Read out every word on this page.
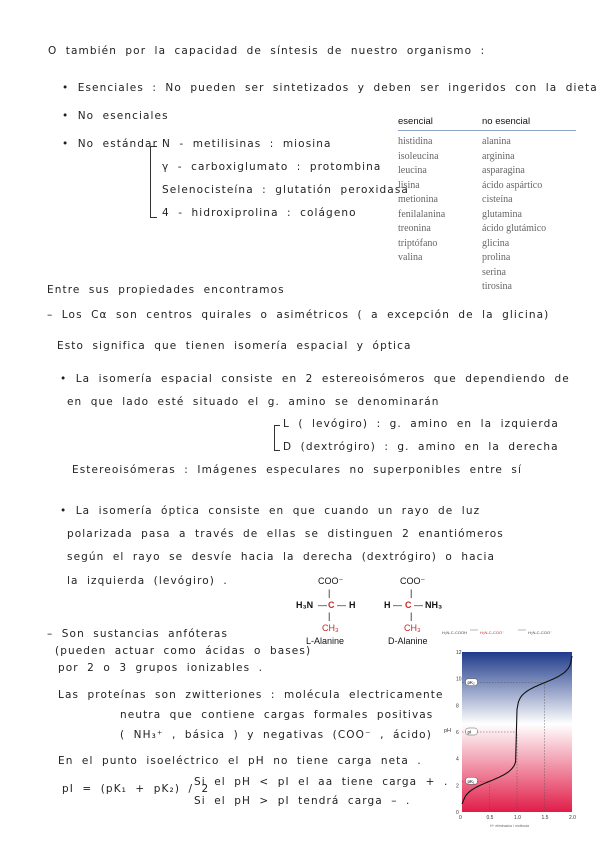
O también por la capacidad de síntesis de nuestro organismo :
• Esenciales : No pueden ser sintetizados y deben ser ingeridos con la dieta
• No esenciales
• No estándar N - metilisinas : miosina
γ - carboxiglumato : protombina
Selenocisteína : glutatión peroxidasa
4 - hidroxiprolina : colágeno
esencial	no esencial

histidina	alanina
isoleucina	arginina
leucina	asparagina
lisina	ácido aspártico
metionina	cisteína
fenilalanina	glutamina
treonina	ácido glutámico
triptófano	glicina
valina	prolina
	serina
	tirosina
Entre sus propiedades encontramos
– Los Cα son centros quirales o asimétricos ( a excepción de la glicina)
Esto significa que tienen isomería espacial y óptica
• La isomería espacial consiste en 2 estereoisómeros que dependiendo de
en que lado esté situado el g. amino se denominarán
L ( levógiro) : g. amino en la izquierda
D (dextrógiro) : g. amino en la derecha
Estereoisómeras : Imágenes especulares no superponibles entre sí
• La isomería óptica consiste en que cuando un rayo de luz
polarizada pasa a través de ellas se distinguen 2 enantiómeros
según el rayo se desvíe hacia la derecha (dextrógiro) o hacia
la izquierda (levógiro) .	COO⁻
|
H₃N — C — H
|
CH₃
L-Alanine
COO⁻
|
H — C — NH₃
|
CH₃
D-Alanine
– Son sustancias anfóteras
(pueden actuar como ácidas o bases)
por 2 o 3 grupos ionizables .
Las proteínas son zwitteriones : molécula electricamente
neutra que contiene cargas formales positivas
( NH₃⁺ , básica ) y negativas (COO⁻ , ácido)
En el punto isoeléctrico el pH no tiene carga neta .
pI = (pK₁ + pK₂) / 2
Si el pH < pI el aa tiene carga + .
Si el pH > pI tendrá carga – .
H₃N-C-COOH	H₃N-C-COO⁻	H₂N-C-COO⁻
0
2
4
6
8
10
12
0	0.5	1.0	1.5	2.0
pK₁
pI
pK₂
pH
H⁺ eliminados / molécula
